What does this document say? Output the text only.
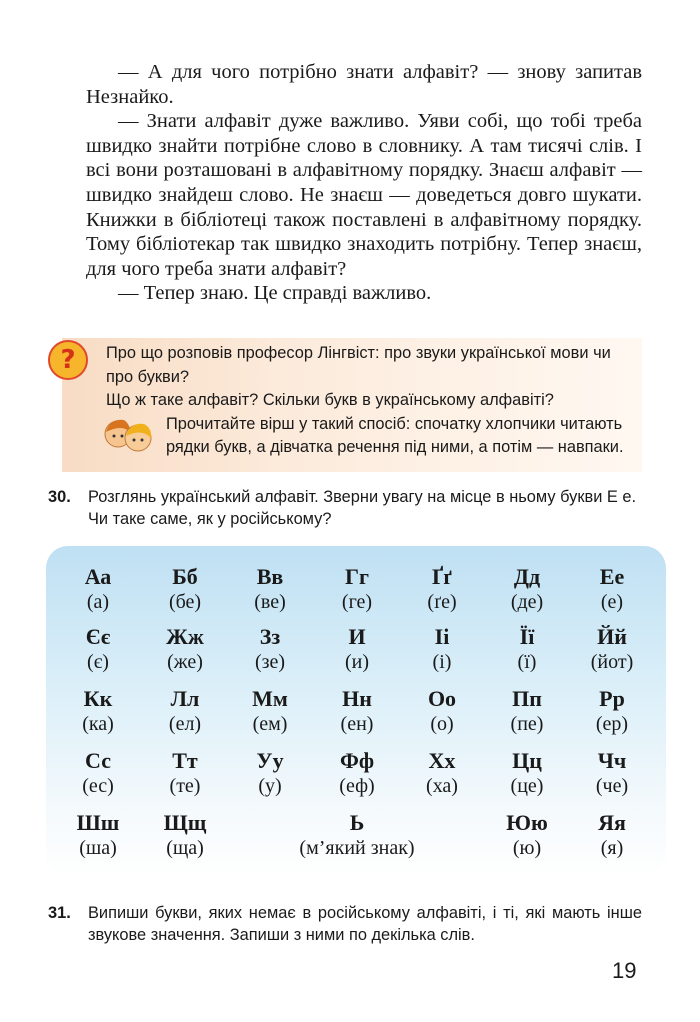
— А для чого потрібно знати алфавіт? — знову запитав Незнайко.

— Знати алфавіт дуже важливо. Уяви собі, що тобі треба швидко знайти потрібне слово в словнику. А там тисячі слів. І всі вони розташовані в алфавітному порядку. Знаєш алфавіт — швидко знайдеш слово. Не знаєш — доведеться довго шукати. Книжки в бібліотеці також поставлені в алфавітному порядку. Тому бібліотекар так швидко знаходить потрібну. Тепер знаєш, для чого треба знати алфавіт?

— Тепер знаю. Це справді важливо.

?	Про що розповів професор Лінгвіст: про звуки української мови чи про букви?

Що ж таке алфавіт? Скільки букв в українському алфавіті?

Прочитайте вірш у такий спосіб: спочатку хлопчики читають рядки букв, а дівчатка речення під ними, а потім — навпаки.

30. Розглянь український алфавіт. Зверни увагу на місце в ньому букви Е е. Чи таке саме, як у російському?
Аа
(а)
Бб
(бе)
Вв
(ве)
Гг
(ге)
Ґґ
(ґе)
Дд
(де)
Ее
(е)
Єє
(є)
Жж
(же)
Зз
(зе)
И
(и)
Іі
(і)
Її
(ї)
Йй
(йот)
Кк
(ка)
Лл
(ел)
Мм
(ем)
Нн
(ен)
Оо
(о)
Пп
(пе)
Рр
(ер)
Сс
(ес)
Тт
(те)
Уу
(у)
Фф
(еф)
Хх
(ха)
Цц
(це)
Чч
(че)
Шш
(ша)
Щщ
(ща)
Ь
(м’який знак)
Юю
(ю)
Яя
(я)
31. Випиши букви, яких немає в російському алфавіті, і ті, які мають інше звукове значення. Запиши з ними по декілька слів.
19
